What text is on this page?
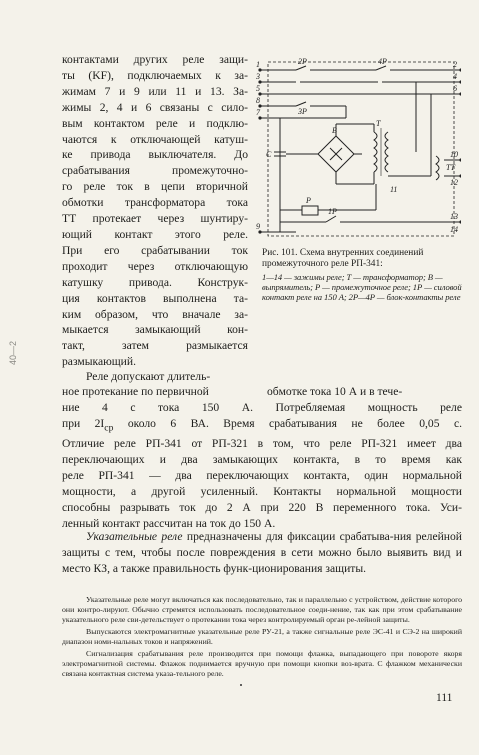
40—2

контактами других реле защи-

ты (KF), подключаемых к за-

жимам 7 и 9 или 11 и 13. За-

жимы 2, 4 и 6 связаны с сило-

вым контактом реле и подклю-

чаются к отключающей катуш-

ке привода выключателя. До

срабатывания промежуточно-

го реле ток в цепи вторичной

обмотки трансформатора тока

ТТ протекает через шунтиру-

ющий контакт этого реле.

При его срабатывании ток

проходит через отключающую

катушку привода. Конструк-

ция контактов выполнена та-

ким образом, что вначале за-

мыкается замыкающий кон-

такт, затем размыкается

размыкающий.

2Р	4Р
3Р
C
Т
В
Р
1Р
ТТ
1
3
5
7
9
2
4
6
8
10
11
12
13
14
Рис. 101. Схема внутренних соединений промежуточного реле РП-341:
1—14 — зажимы реле; Т — трансформатор; В — выпрямитель; Р — промежуточное реле; 1Р — силовой контакт реле на 150 А; 2Р—4Р — блок-контакты реле
Реле допускают длитель-
ное протекание по первичной	обмотке тока 10 А и в тече-
ние 4 с тока 150 А. Потребляемая мощность реле
при $2I_{ср}$ около 6 ВА. Время срабатывания не более 0,05 с.
Отличие реле РП-341 от РП-321 в том, что реле РП-321 имеет два
переключающих и два замыкающих контакта, в то время как
реле РП-341 — два переключающих контакта, один нормальной
мощности, а другой усиленный. Контакты нормальной мощности
способны разрывать ток до 2 А при 220 В переменного тока. Уси-
ленный контакт рассчитан на ток до 150 А.

Указательные реле предназначены для фиксации срабатыва-ния релейной защиты с тем, чтобы после повреждения в сети можно было выявить вид и место КЗ, а также правильность функ-ционирования защиты.

Указательные реле могут включаться как последовательно, так и параллельно с устройством, действие которого они контро-лируют. Обычно стремятся использовать последовательное соеди-нение, так как при этом срабатывание указательного реле сви-детельствует о протекании тока через контролируемый орган ре-лейной защиты.

111

Выпускаются электромагнитные указательные реле РУ-21, а также сигнальные реле ЭС-41 и СЭ-2 на широкий диапазон номи-нальных токов и напряжений.

Сигнализация срабатывания реле производится при помощи флажка, выпадающего при повороте якоря электромагнитной системы. Флажок поднимается вручную при помощи кнопки воз-врата. С флажком механически связана контактная система указа-тельного реле.
